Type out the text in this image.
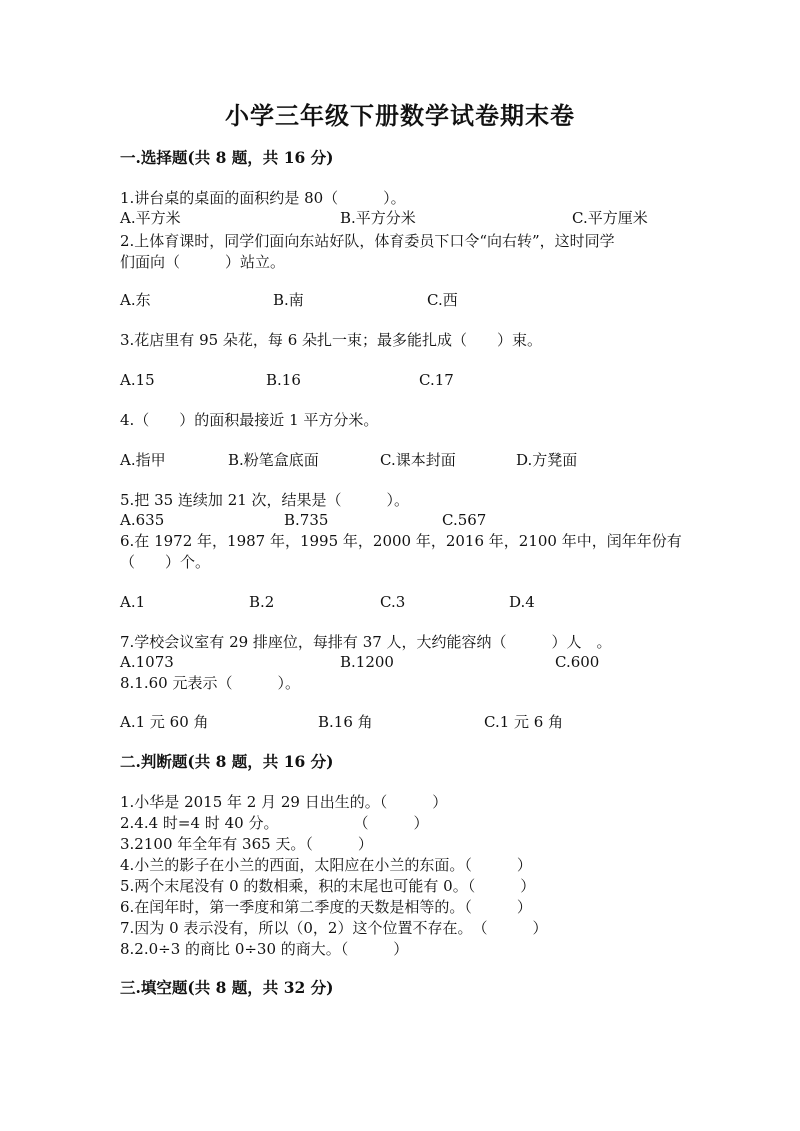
小学三年级下册数学试卷期末卷
一.选择题(共 8 题，共 16 分)
1.讲台桌的桌面的面积约是 80（　　　）。
A.平方米	B.平方分米	C.平方厘米
2.上体育课时，同学们面向东站好队，体育委员下口令“向右转”，这时同学
们面向（　　　）站立。
A.东	B.南	C.西
3.花店里有 95 朵花，每 6 朵扎一束；最多能扎成（　　）束。
A.15	B.16	C.17
4.（　　）的面积最接近 1 平方分米。
A.指甲	B.粉笔盒底面	C.课本封面	D.方凳面
5.把 35 连续加 21 次，结果是（　　　）。
A.635	B.735	C.567
6.在 1972 年，1987 年，1995 年，2000 年，2016 年，2100 年中，闰年年份有
（　　）个。
A.1	B.2	C.3	D.4
7.学校会议室有 29 排座位，每排有 37 人，大约能容纳（　　　）人　。
A.1073	B.1200	C.600
8.1.60 元表示（　　　）。
A.1 元 60 角	B.16 角	C.1 元 6 角
二.判断题(共 8 题，共 16 分)
1.小华是 2015 年 2 月 29 日出生的。（　　　）
2.4.4 时=4 时 40 分。　　　　　　（　　　）
3.2100 年全年有 365 天。（　　　）
4.小兰的影子在小兰的西面，太阳应在小兰的东面。（　　　）
5.两个末尾没有 0 的数相乘，积的末尾也可能有 0。（　　　）
6.在闰年时，第一季度和第二季度的天数是相等的。（　　　）
7.因为 0 表示没有，所以（0，2）这个位置不存在。　（　　　）
8.2.0÷3 的商比 0÷30 的商大。（　　　）
三.填空题(共 8 题，共 32 分)
